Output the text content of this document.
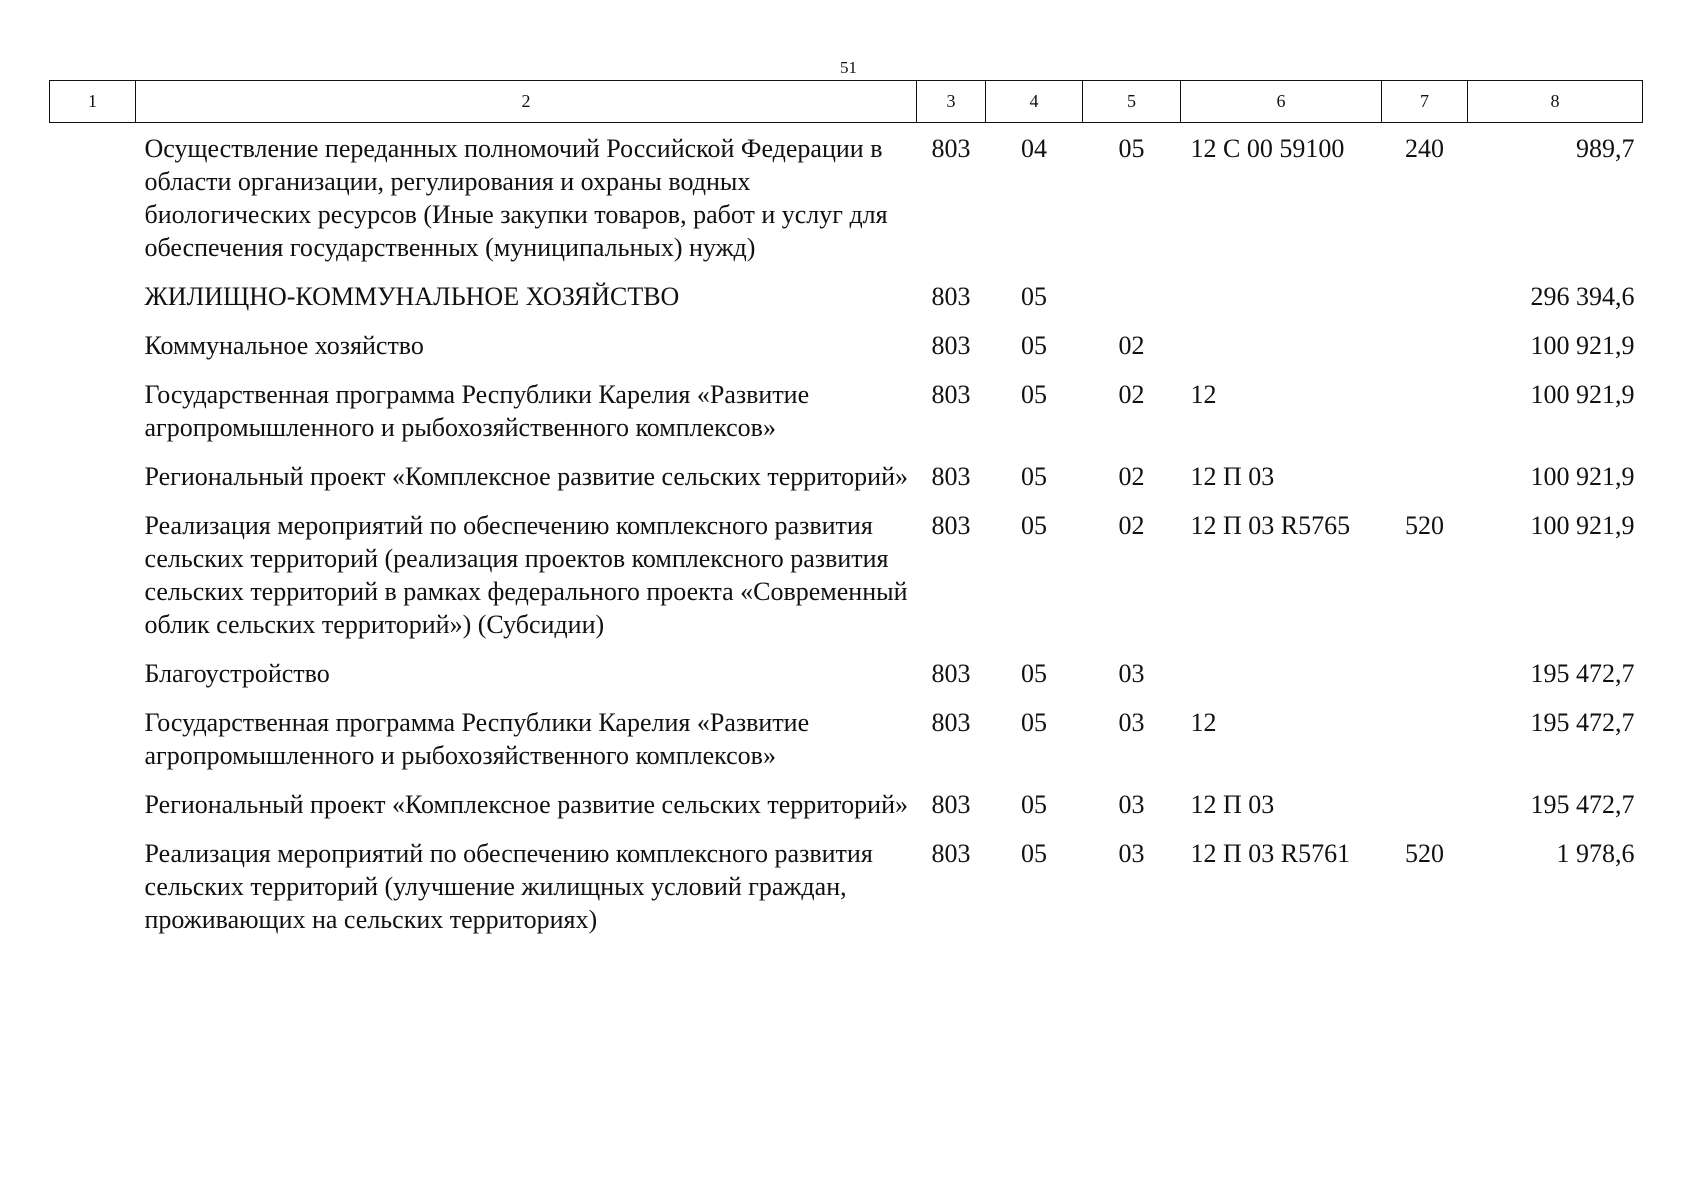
51
1	2	3	4	5	6	7	8
	Осуществление переданных полномочий Российской Федерации в области организации, регулирования и охраны водных биологических ресурсов (Иные закупки товаров, работ и услуг для обеспечения государственных (муниципальных) нужд)	803	04	05	12 С 00 59100	240	989,7
	ЖИЛИЩНО-КОММУНАЛЬНОЕ ХОЗЯЙСТВО	803	05				296 394,6
	Коммунальное хозяйство	803	05	02			100 921,9
	Государственная программа Республики Карелия «Развитие агропромышленного и рыбохозяйственного комплексов»	803	05	02	12		100 921,9
	Региональный проект «Комплексное развитие сельских территорий»	803	05	02	12 П 03		100 921,9
	Реализация мероприятий по обеспечению комплексного развития сельских территорий (реализация проектов комплексного развития сельских территорий в рамках федерального проекта «Современный облик сельских территорий») (Субсидии)	803	05	02	12 П 03 R5765	520	100 921,9
	Благоустройство	803	05	03			195 472,7
	Государственная программа Республики Карелия «Развитие агропромышленного и рыбохозяйственного комплексов»	803	05	03	12		195 472,7
	Региональный проект «Комплексное развитие сельских территорий»	803	05	03	12 П 03		195 472,7
	Реализация мероприятий по обеспечению комплексного развития сельских территорий (улучшение жилищных условий граждан, проживающих на сельских территориях)	803	05	03	12 П 03 R5761	520	1 978,6
